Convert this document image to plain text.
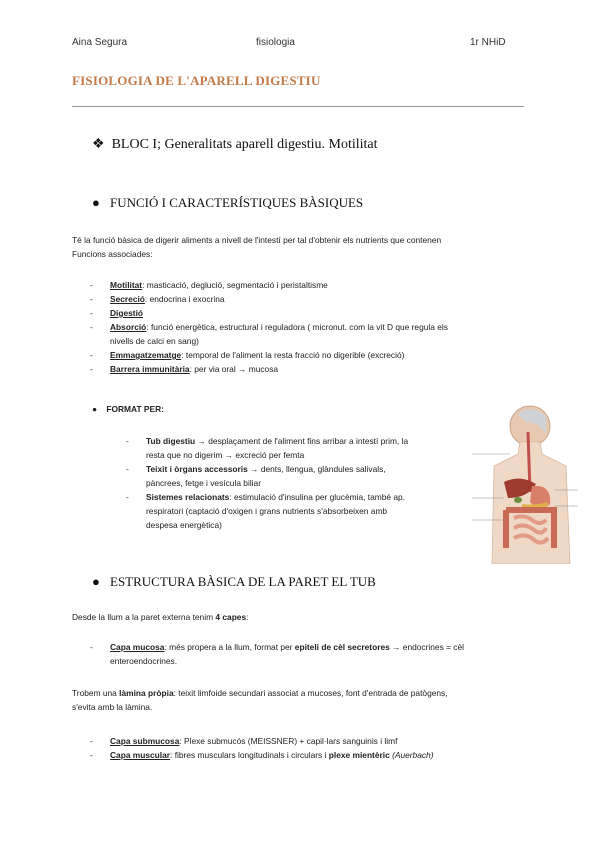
Aina Segura	fisiologia	1r NHiD
FISIOLOGIA DE L'APARELL DIGESTIU
❖ BLOC I; Generalitats aparell digestiu. Motilitat
● FUNCIÓ I CARACTERÍSTIQUES BÀSIQUES
Té la funció bàsica de digerir aliments a nivell de l'intestí per tal d'obtenir els nutrients que contenen
Funcions associades:
- Motilitat: masticació, deglució, segmentació i peristaltisme
- Secreció: endocrina i exocrina
- Digestió
- Absorció: funció energètica, estructural i reguladora ( micronut. com la vit D que regula els
nivells de calci en sang)
- Emmagatzematge: temporal de l'aliment la resta fracció no digerible (excreció)
- Barrera immunitària: per via oral → mucosa
● FORMAT PER:
- Tub digestiu → desplaçament de l'aliment fins arribar a intestí prim, la
resta que no digerim → excreció per femta
- Teixit i òrgans accessoris → dents, llengua, glàndules salivals,
pàncrees, fetge i vesícula biliar
- Sistemes relacionats: estimulació d'insulina per glucèmia, també ap.
respiratori (captació d'oxigen i grans nutrients s'absorbeixen amb
despesa energètica)
● ESTRUCTURA BÀSICA DE LA PARET EL TUB
Desde la llum a la paret externa tenim 4 capes:
- Capa mucosa: més propera a la llum, format per epiteli de cèl secretores → endocrines = cèl
enteroendocrines.
Trobem una làmina pròpia: teixit limfoide secundari associat a mucoses, font d'entrada de patògens,
s'evita amb la làmina.
- Capa submucosa: Plexe submucós (MEISSNER) + capil·lars sanguinis i limf
- Capa muscular: fibres musculars longitudinals i circulars i plexe mientèric (Auerbach)
